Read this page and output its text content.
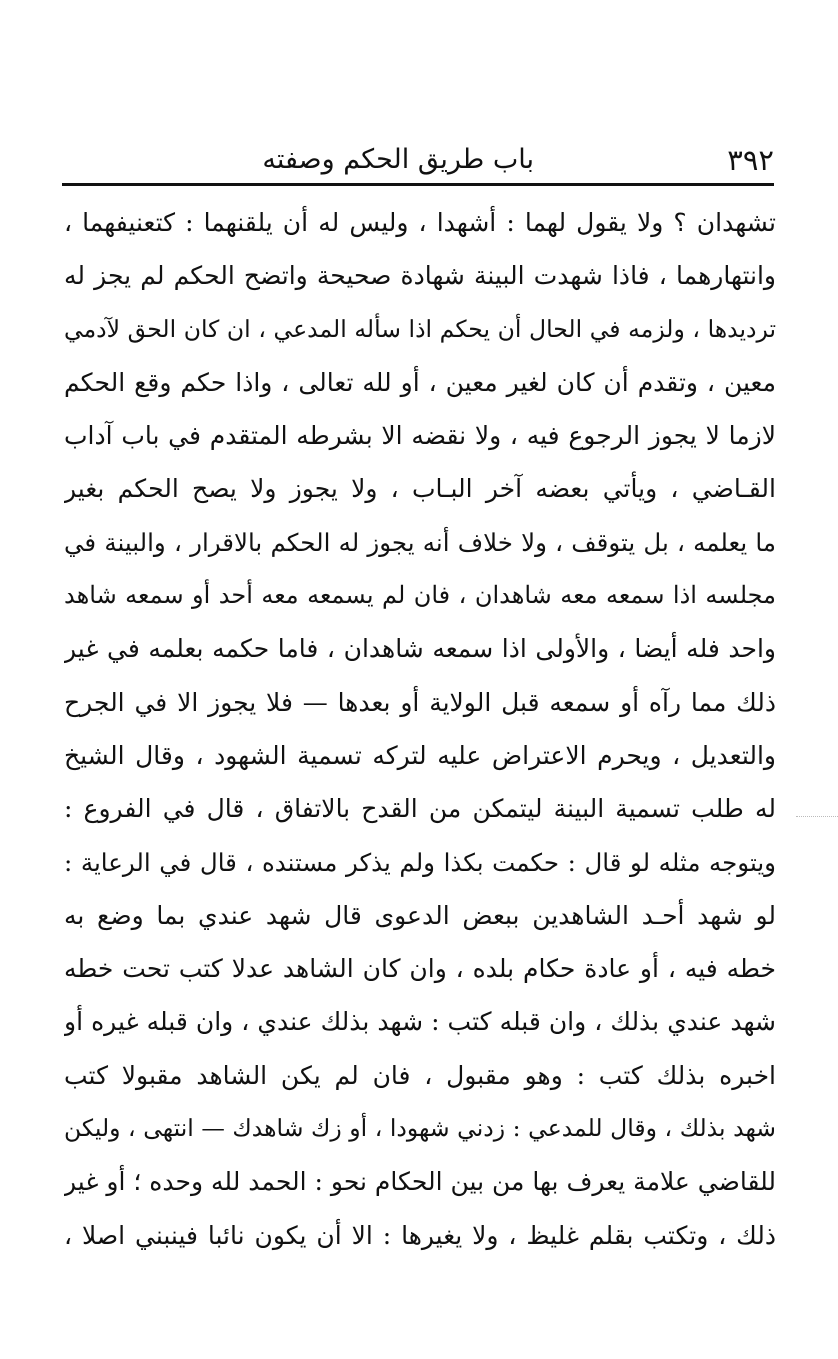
٣٩٢
باب طريق الحكم وصفته
تشهدان ؟ ولا يقول لهما : أشهدا ، وليس له أن يلقنهما : كتعنيفهما ،
وانتهارهما ، فاذا شهدت البينة شهادة صحيحة واتضح الحكم لم يجز له
ترديدها ، ولزمه في الحال أن يحكم اذا سأله المدعي ، ان كان الحق لآدمي
معين ، وتقدم أن كان لغير معين ، أو لله تعالى ، واذا حكم وقع الحكم
لازما لا يجوز الرجوع فيه ، ولا نقضه الا بشرطه المتقدم في باب آداب
القـاضي ، ويأتي بعضه آخر البـاب ، ولا يجوز ولا يصح الحكم بغير
ما يعلمه ، بل يتوقف ، ولا خلاف أنه يجوز له الحكم بالاقرار ، والبينة في
مجلسه اذا سمعه معه شاهدان ، فان لم يسمعه معه أحد أو سمعه شاهد
واحد فله أيضا ، والأولى اذا سمعه شاهدان ، فاما حكمه بعلمه في غير
ذلك مما رآه أو سمعه قبل الولاية أو بعدها — فلا يجوز الا في الجرح
والتعديل ، ويحرم الاعتراض عليه لتركه تسمية الشهود ، وقال الشيخ
له طلب تسمية البينة ليتمكن من القدح بالاتفاق ، قال في الفروع :
ويتوجه مثله لو قال : حكمت بكذا ولم يذكر مستنده ، قال في الرعاية :
لو شهد أحـد الشاهدين ببعض الدعوى قال شهد عندي بما وضع به
خطه فيه ، أو عادة حكام بلده ، وان كان الشاهد عدلا كتب تحت خطه
شهد عندي بذلك ، وان قبله كتب : شهد بذلك عندي ، وان قبله غيره أو
اخبره بذلك كتب : وهو مقبول ، فان لم يكن الشاهد مقبولا كتب
شهد بذلك ، وقال للمدعي : زدني شهودا ، أو زك شاهدك — انتهى ، وليكن
للقاضي علامة يعرف بها من بين الحكام نحو : الحمد لله وحده ؛ أو غير
ذلك ، وتكتب بقلم غليظ ، ولا يغيرها : الا أن يكون نائبا فينبني اصلا ،
